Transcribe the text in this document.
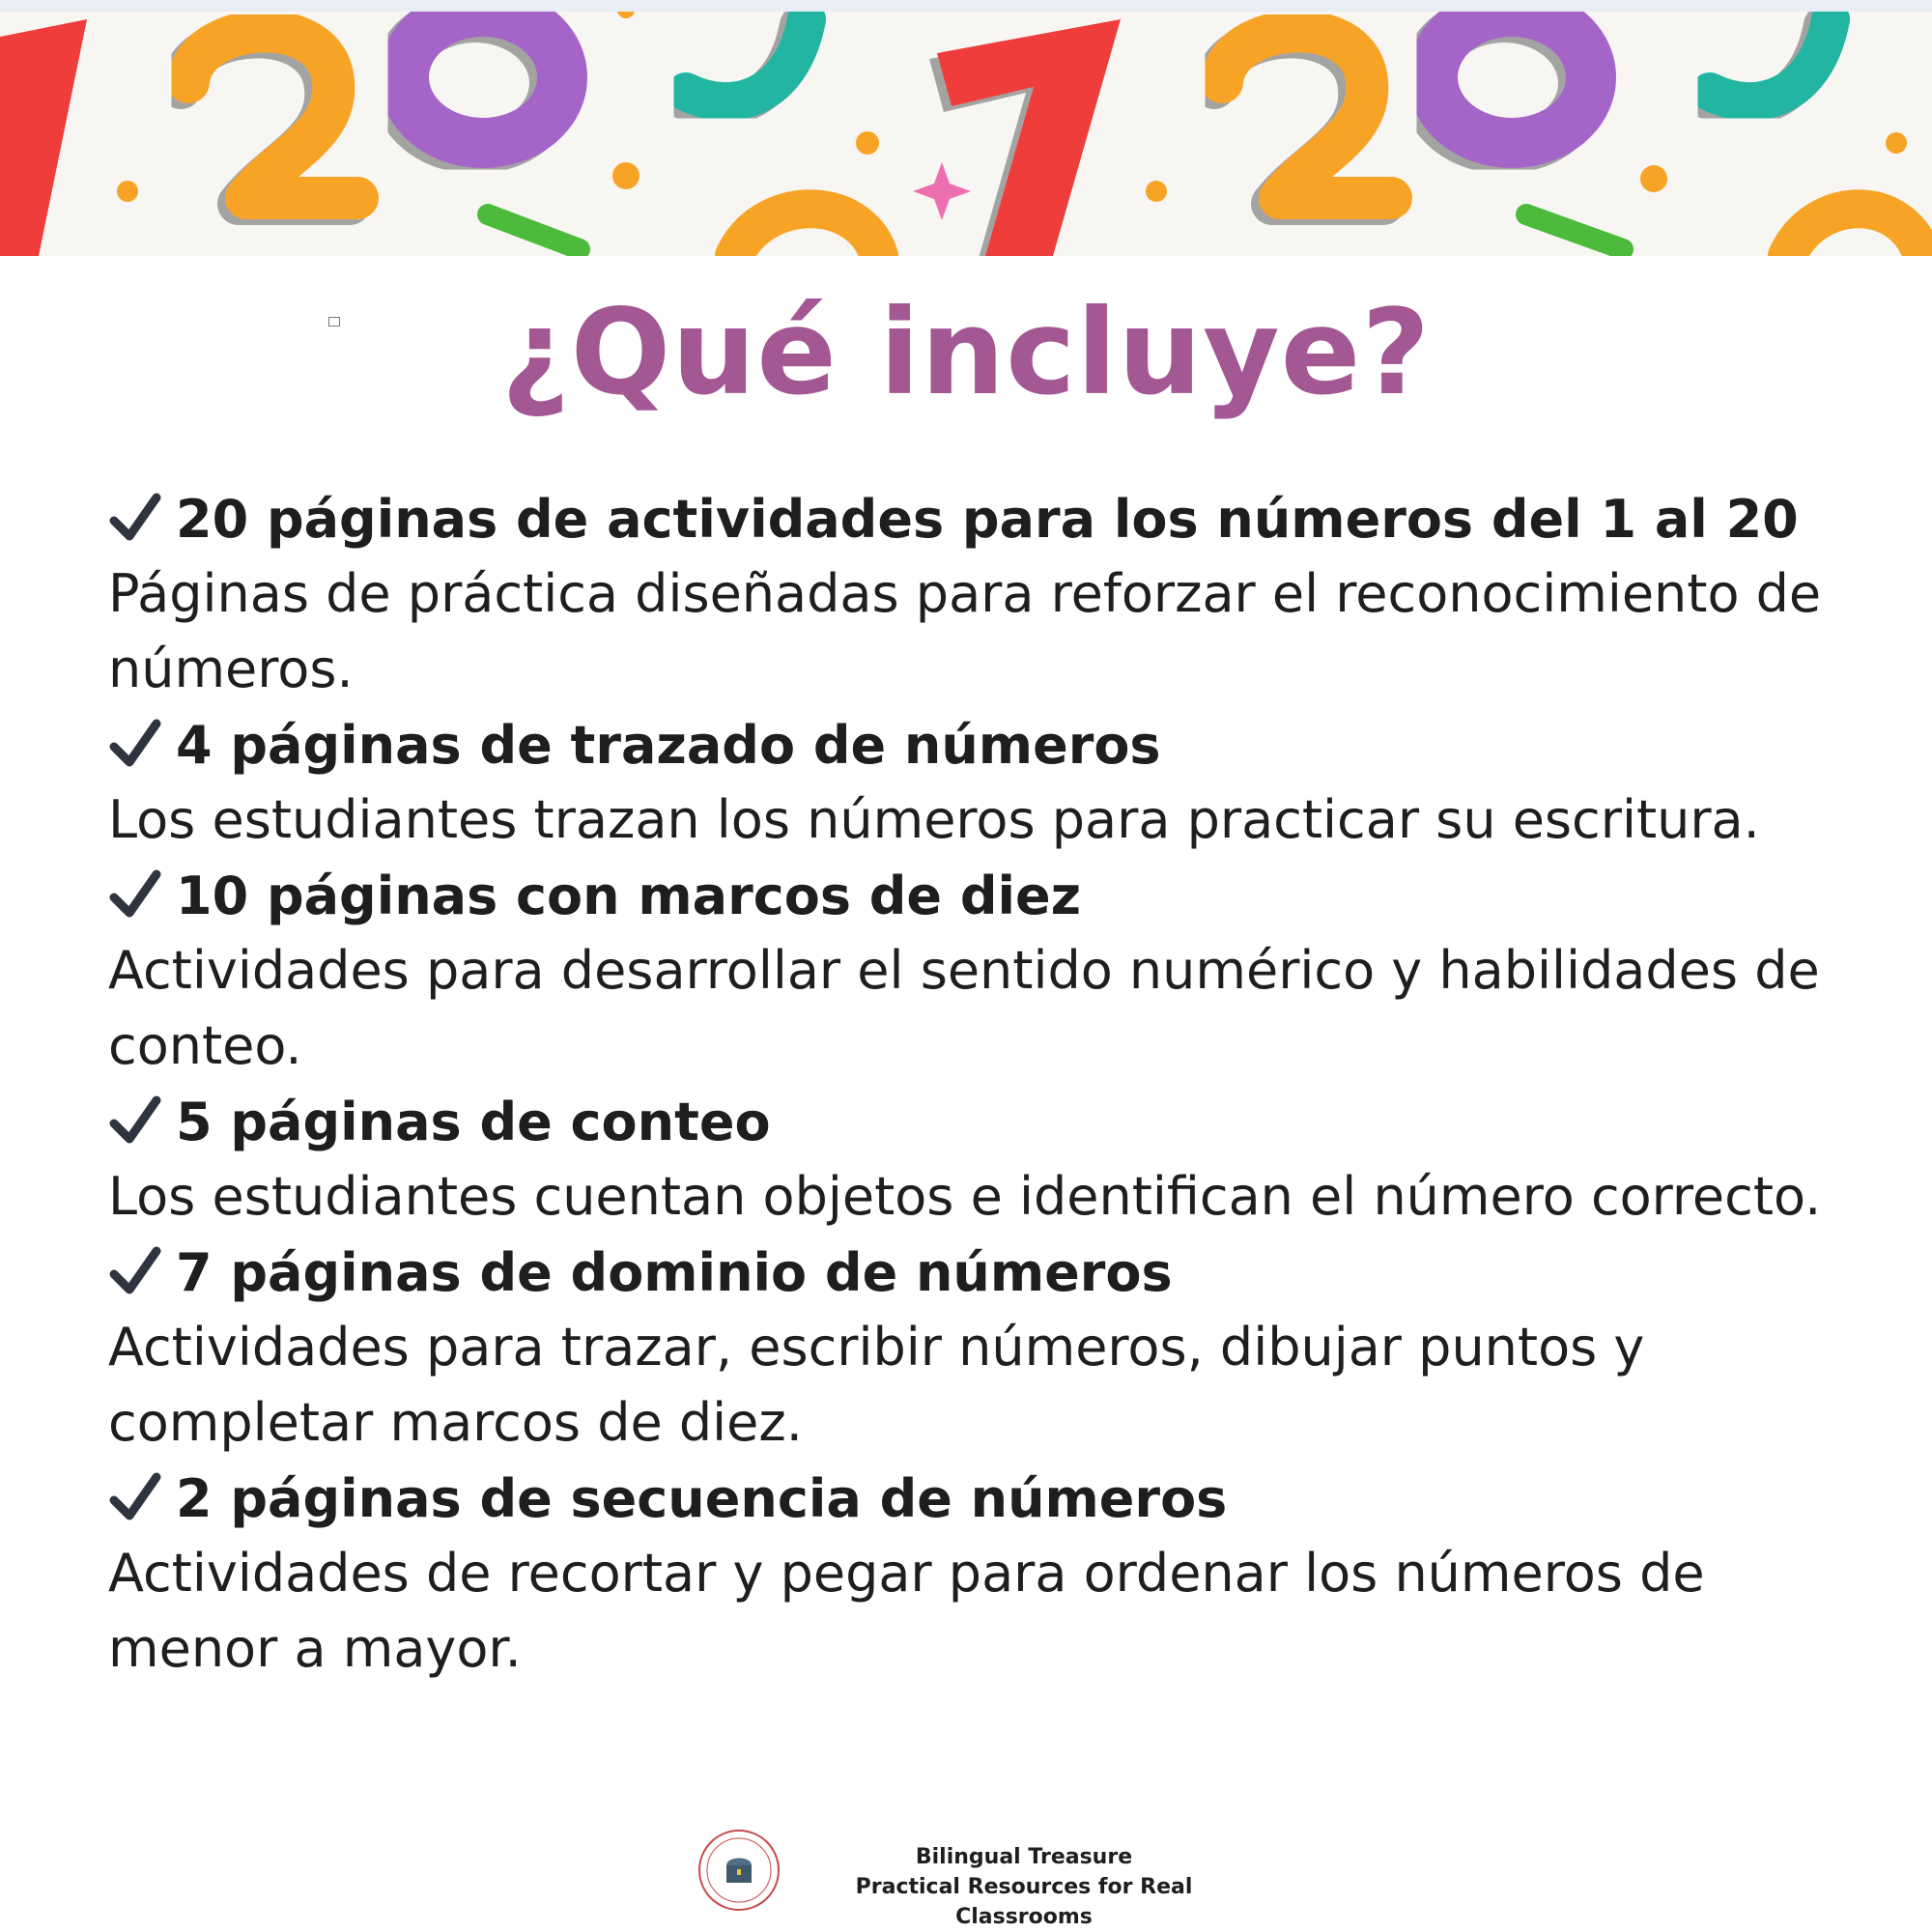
¿Qué incluye?
20 páginas de actividades para los números del 1 al 20
Páginas de práctica diseñadas para reforzar el reconocimiento de números.
4 páginas de trazado de números
Los estudiantes trazan los números para practicar su escritura.
10 páginas con marcos de diez
Actividades para desarrollar el sentido numérico y habilidades de conteo.
5 páginas de conteo
Los estudiantes cuentan objetos e identifican el número correcto.
7 páginas de dominio de números
Actividades para trazar, escribir números, dibujar puntos y completar marcos de diez.
2 páginas de secuencia de números
Actividades de recortar y pegar para ordenar los números de menor a mayor.
Bilingual Treasure
Practical Resources for Real Classrooms
